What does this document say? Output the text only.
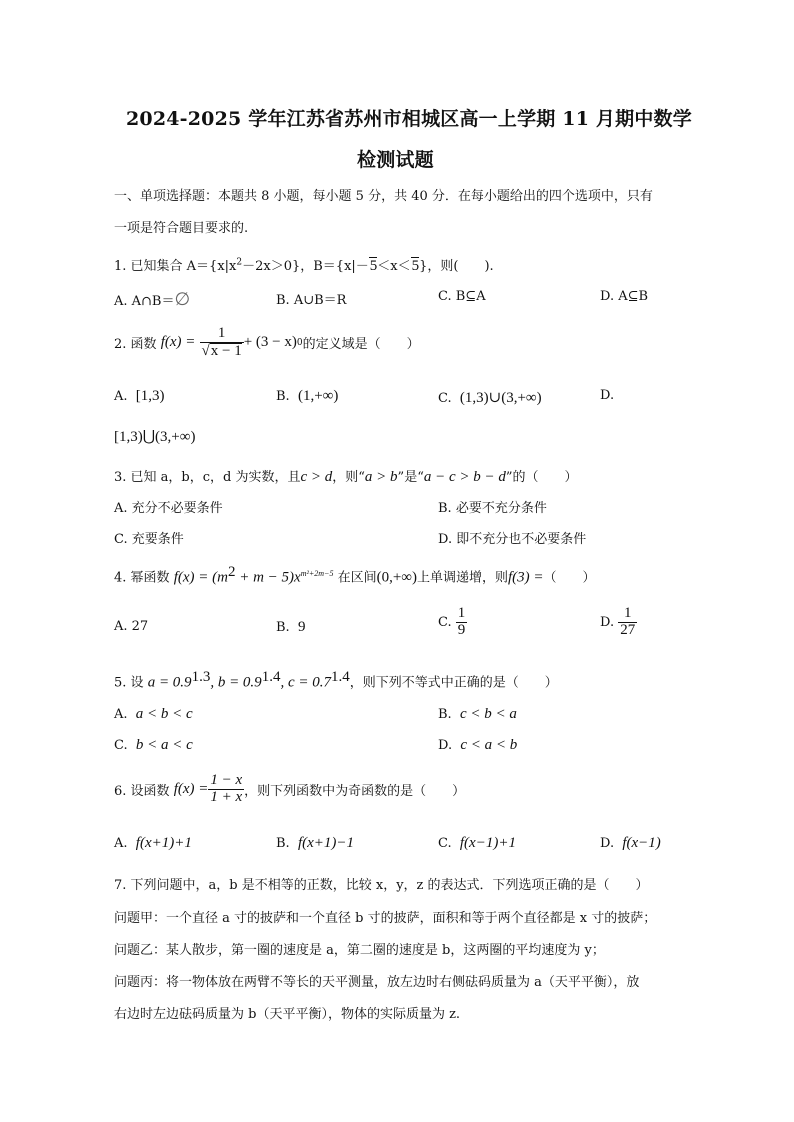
2024-2025 学年江苏省苏州市相城区高一上学期 11 月期中数学
检测试题
一、单项选择题：本题共 8 小题，每小题 5 分，共 40 分．在每小题给出的四个选项中，只有
一项是符合题目要求的.
1. 已知集合 $A=\{x|x^2-2x>0\}$，B＝{x|－5＜x＜5}，则(　　).
A. A∩B＝∅	B. A∪B＝R	C. B⊆A	D. A⊆B
2. 函数
f(x) =
$\frac{1}{√x - 1} + (3 - x)$ 0 的定义域是（　　）
A. [1,3)	B. (1,+∞)	C. (1,3)∪(3,+∞)	D.
[1,3)⋃(3,+∞)
3. 已知 a，b，c，d 为实数，且c > d，则“a > b”是“a − c > b − d”的（　　）
A. 充分不必要条件	B. 必要不充分条件
C. 充要条件	D. 即不充分也不必要条件
4. 幂函数 $f(x) = (m^2 + m - 5)x^{m^2+2m-5}$ 在区间(0,+∞)上单调递增，则f(3) =（　　）
A. 27	B. 9	C.
$\frac{1}{9}$	D.
$\frac{1}{27}$
5. 设 $a = 0.9^{1.3}$, $b = 0.9^{1.4}$, $c = 0.7^{1.4}$，则下列不等式中正确的是（　　）
A. a < b < c	B. c < b < a
C. b < a < c	D. c < a < b
6. 设函数
$f(x) = \frac{1 - x}{1 + x}$ ，则下列函数中为奇函数的是（　　）
A. f(x+1)+1	B. f(x+1)−1	C. f(x−1)+1	D. f(x−1)
7. 下列问题中，a，b 是不相等的正数，比较 x，y，z 的表达式．下列选项正确的是（　　）
问题甲：一个直径 a 寸的披萨和一个直径 b 寸的披萨，面积和等于两个直径都是 x 寸的披萨；
问题乙：某人散步，第一圈的速度是 a，第二圈的速度是 b，这两圈的平均速度为 y；
问题丙：将一物体放在两臂不等长的天平测量，放左边时右侧砝码质量为 a（天平平衡），放
右边时左边砝码质量为 b（天平平衡），物体的实际质量为 z.
